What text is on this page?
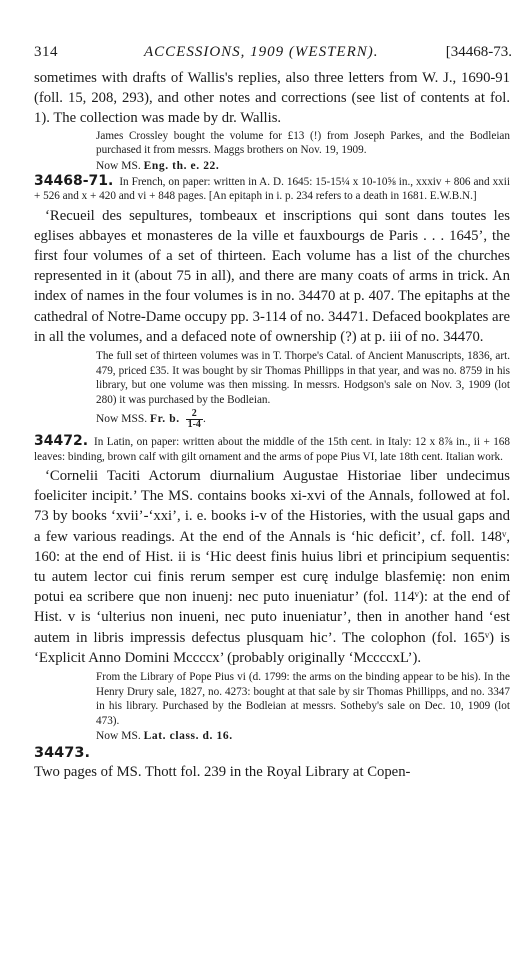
314	ACCESSIONS, 1909 (WESTERN).	[34468-73.

sometimes with drafts of Wallis's replies, also three letters from W. J., 1690-91 (foll. 15, 208, 293), and other notes and corrections (see list of contents at fol. 1). The collection was made by dr. Wallis.

James Crossley bought the volume for £13 (!) from Joseph Parkes, and the Bodleian purchased it from messrs. Maggs brothers on Nov. 19, 1909.

Now MS. Eng. th. e. 22.

34468-71. In French, on paper: written in A. D. 1645: 15-15¼ x 10-10⅝ in., xxxiv + 806 and xxii + 526 and x + 420 and vi + 848 pages. [An epitaph in i. p. 234 refers to a death in 1681. E.W.B.N.]

‘Recueil des sepultures, tombeaux et inscriptions qui sont dans toutes les eglises abbayes et monasteres de la ville et fauxbourgs de Paris . . . 1645’, the first four volumes of a set of thirteen. Each volume has a list of the churches represented in it (about 75 in all), and there are many coats of arms in trick. An index of names in the four volumes is in no. 34470 at p. 407. The epitaphs at the cathedral of Notre-Dame occupy pp. 3-114 of no. 34471. Defaced bookplates are in all the volumes, and a defaced note of ownership (?) at p. iii of no. 34470.

The full set of thirteen volumes was in T. Thorpe's Catal. of Ancient Manuscripts, 1836, art. 479, priced £35. It was bought by sir Thomas Phillipps in that year, and was no. 8759 in his library, but one volume was then missing. In messrs. Hodgson's sale on Nov. 3, 1909 (lot 280) it was purchased by the Bodleian.

Now MSS. Fr. b. $\frac{2}{1-4}$ .

34472. In Latin, on paper: written about the middle of the 15th cent. in Italy: 12 x 8⅞ in., ii + 168 leaves: binding, brown calf with gilt ornament and the arms of pope Pius VI, late 18th cent. Italian work.

‘Cornelii Taciti Actorum diurnalium Augustae Historiae liber undecimus foeliciter incipit.’ The MS. contains books xi-xvi of the Annals, followed at fol. 73 by books ‘xvii’-‘xxi’, i. e. books i-v of the Histories, with the usual gaps and a few various readings. At the end of the Annals is ‘hic deficit’, cf. foll. 148ᵛ, 160: at the end of Hist. ii is ‘Hic deest finis huius libri et principium sequentis: tu autem lector cui finis rerum semper est curę indulge blasfemię: non enim potui ea scribere que non inuenj: nec puto inueniatur’ (fol. 114ᵛ): at the end of Hist. v is ‘ulterius non inueni, nec puto inueniatur’, then in another hand ‘est autem in libris impressis defectus plusquam hic’. The colophon (fol. 165ᵛ) is ‘Explicit Anno Domini Mccccx’ (probably originally ‘MccccxL’).

From the Library of Pope Pius vi (d. 1799: the arms on the binding appear to be his). In the Henry Drury sale, 1827, no. 4273: bought at that sale by sir Thomas Phillipps, and no. 3347 in his library. Purchased by the Bodleian at messrs. Sotheby's sale on Dec. 10, 1909 (lot 473).

Now MS. Lat. class. d. 16.

34473.

Two pages of MS. Thott fol. 239 in the Royal Library at Copen-
